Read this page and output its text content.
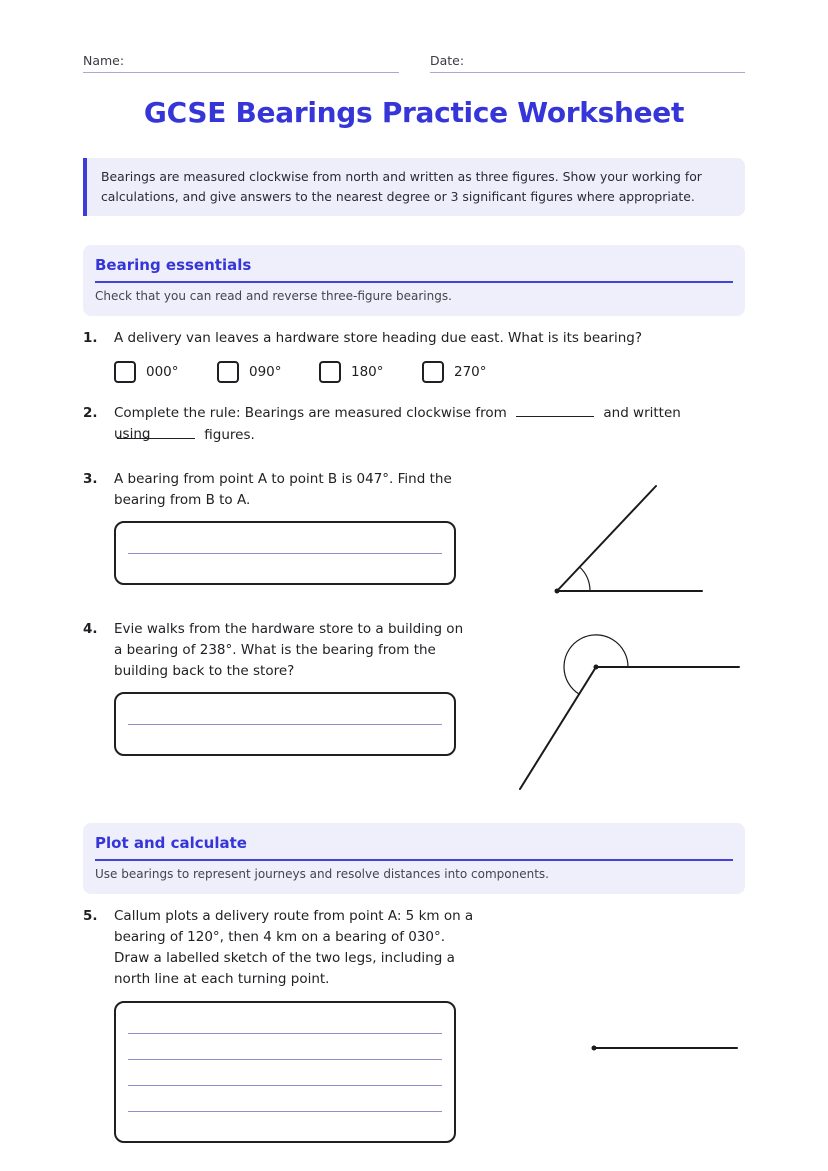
Name:	Date:
GCSE Bearings Practice Worksheet
Bearings are measured clockwise from north and written as three figures. Show your working for calculations, and give answers to the nearest degree or 3 significant figures where appropriate.
Bearing essentials
Check that you can read and reverse three-figure bearings.
1. A delivery van leaves a hardware store heading due east. What is its bearing?
000°	090°	180°	270°
2. Complete the rule: Bearings are measured clockwise from	and written using	figures.
3. A bearing from point A to point B is 047°. Find the
bearing from B to A.
4. Evie walks from the hardware store to a building on
a bearing of 238°. What is the bearing from the
building back to the store?
Plot and calculate
Use bearings to represent journeys and resolve distances into components.
5. Callum plots a delivery route from point A: 5 km on a
bearing of 120°, then 4 km on a bearing of 030°.
Draw a labelled sketch of the two legs, including a
north line at each turning point.
